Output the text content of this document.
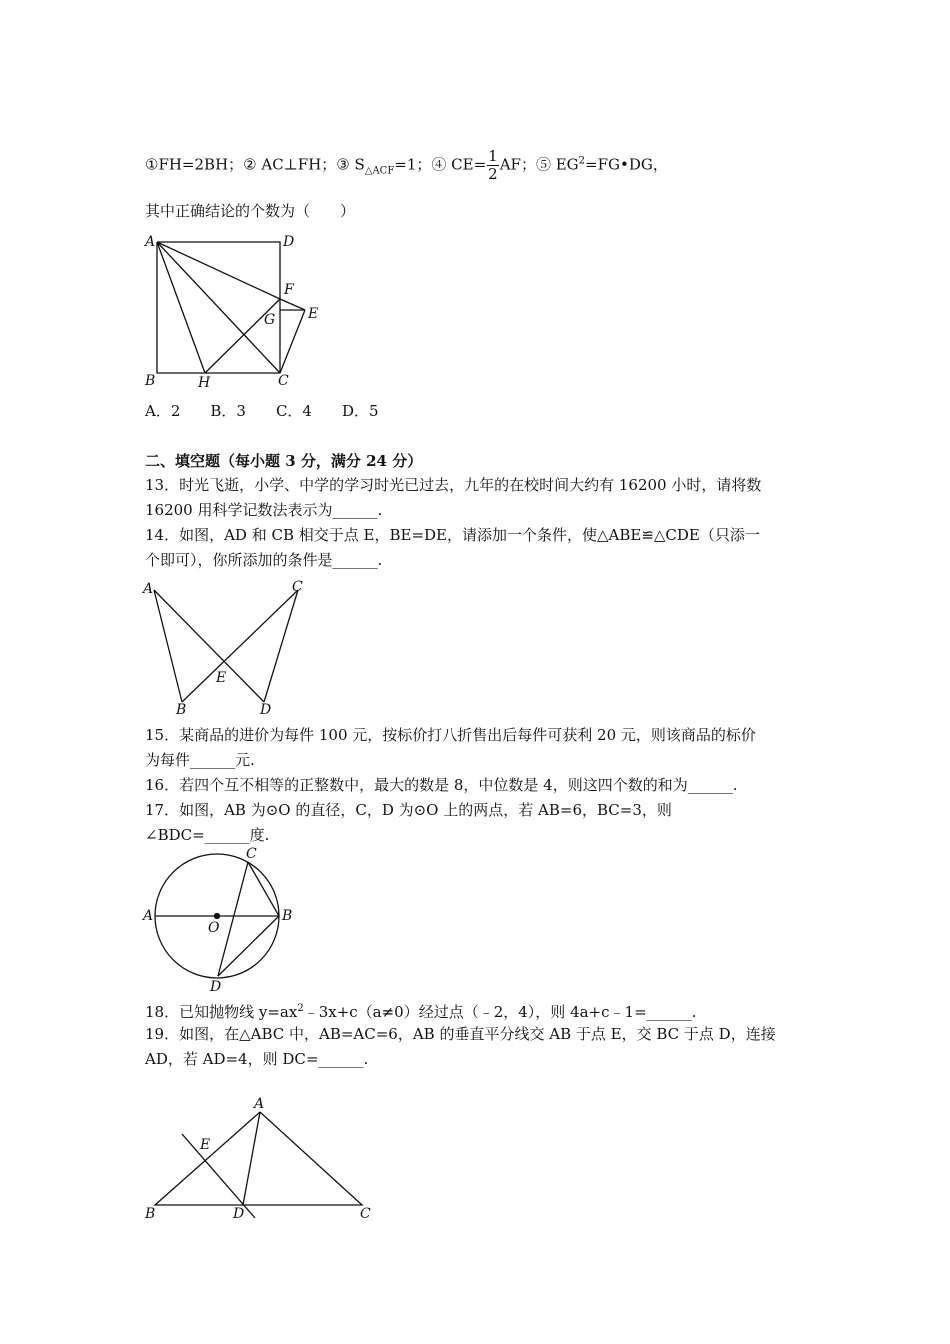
①FH=2BH；② AC⊥FH；③ $S_{\triangle ACF}=1$；④ $CE= \frac{1}{2}$ AF；⑤ $EG^2=FG•DG$，
其中正确结论的个数为（　　）
A	D
F
G E
B	H	C
A．2　　B．3　　C．4　　D．5
二、填空题（每小题 3 分，满分 24 分）
13．时光飞逝，小学、中学的学习时光已过去，九年的在校时间大约有 16200 小时，请将数
16200 用科学记数法表示为______.
14．如图，AD 和 CB 相交于点 E，BE=DE，请添加一个条件，使△ABE≌△CDE（只添一
个即可），你所添加的条件是______.
A	C
E
B	D
15．某商品的进价为每件 100 元，按标价打八折售出后每件可获利 20 元，则该商品的标价
为每件______元.
16．若四个互不相等的正整数中，最大的数是 8，中位数是 4，则这四个数的和为______.
17．如图，AB 为⊙O 的直径，C，D 为⊙O 上的两点，若 AB=6，BC=3，则
∠BDC=______度.
C
A
O
B
D
18．已知抛物线 $y=ax^2﹣3x+c(a\ne 0)$经过点（﹣2，4），则 4a+c﹣1=______.
19．如图，在△ABC 中，AB=AC=6，AB 的垂直平分线交 AB 于点 E，交 BC 于点 D，连接
AD，若 AD=4，则 DC=______.
A
E
B	D	C
